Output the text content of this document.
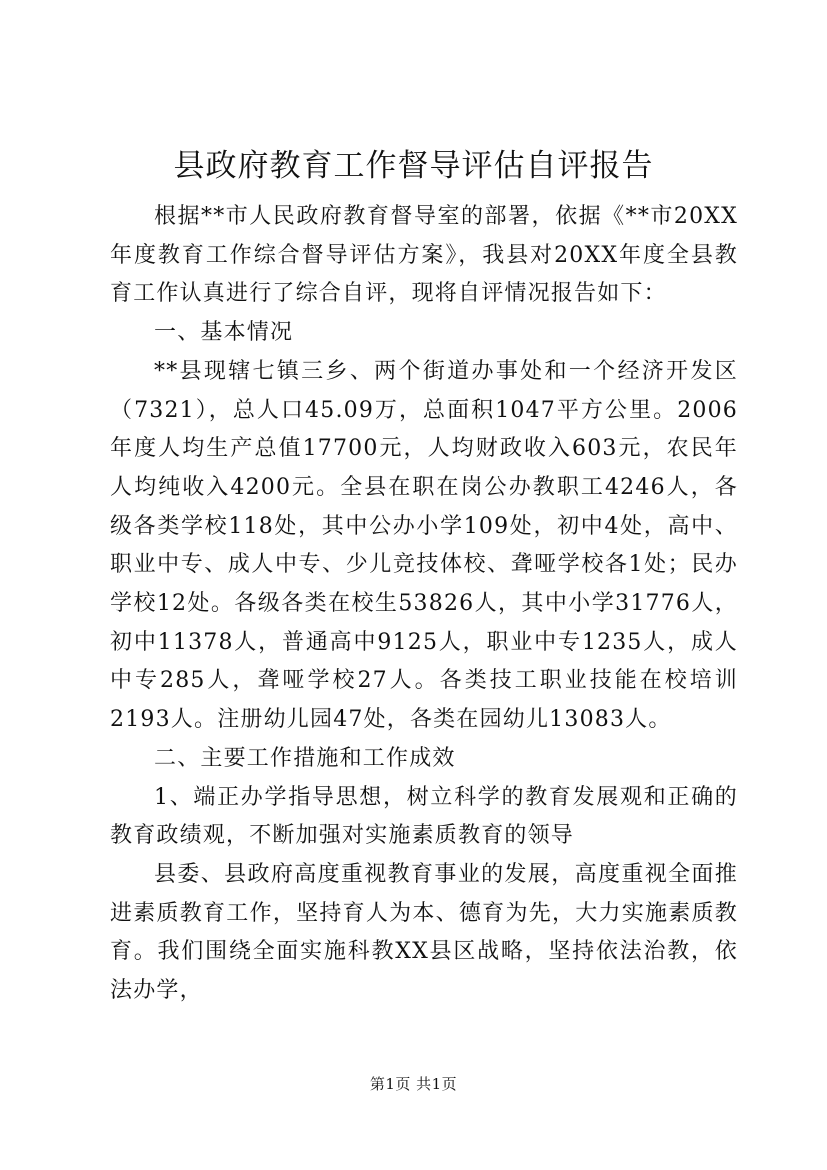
县政府教育工作督导评估自评报告

根据**市人民政府教育督导室的部署，依据《**市20XX年度教育工作综合督导评估方案》，我县对20XX年度全县教育工作认真进行了综合自评，现将自评情况报告如下：

一、基本情况

**县现辖七镇三乡、两个街道办事处和一个经济开发区（7321），总人口45.09万，总面积1047平方公里。2006年度人均生产总值17700元，人均财政收入603元，农民年人均纯收入4200元。全县在职在岗公办教职工4246人，各级各类学校118处，其中公办小学109处，初中4处，高中、职业中专、成人中专、少儿竞技体校、聋哑学校各1处；民办学校12处。各级各类在校生53826人，其中小学31776人，初中11378人，普通高中9125人，职业中专1235人，成人中专285人，聋哑学校27人。各类技工职业技能在校培训2193人。注册幼儿园47处，各类在园幼儿13083人。

二、主要工作措施和工作成效

1、端正办学指导思想，树立科学的教育发展观和正确的教育政绩观，不断加强对实施素质教育的领导

县委、县政府高度重视教育事业的发展，高度重视全面推进素质教育工作，坚持育人为本、德育为先，大力实施素质教育。我们围绕全面实施科教XX县区战略，坚持依法治教，依法办学，

第1页 共1页
